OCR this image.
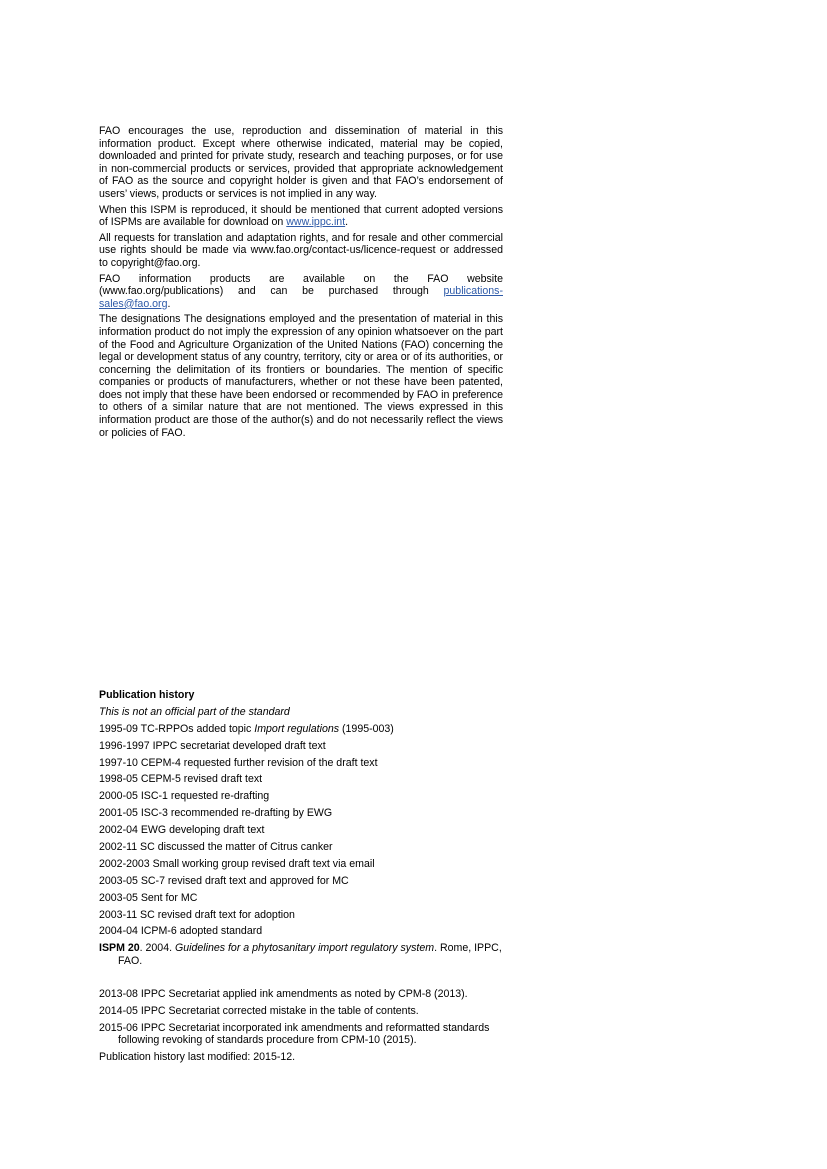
FAO encourages the use, reproduction and dissemination of material in this information product. Except where otherwise indicated, material may be copied, downloaded and printed for private study, research and teaching purposes, or for use in non-commercial products or services, provided that appropriate acknowledgement of FAO as the source and copyright holder is given and that FAO’s endorsement of users’ views, products or services is not implied in any way.

When this ISPM is reproduced, it should be mentioned that current adopted versions of ISPMs are available for download on www.ippc.int.

All requests for translation and adaptation rights, and for resale and other commercial use rights should be made via www.fao.org/contact-us/licence-request or addressed to copyright@fao.org.

FAO information products are available on the FAO website (www.fao.org/publications) and can be purchased through publications-sales@fao.org.

The designations The designations employed and the presentation of material in this information product do not imply the expression of any opinion whatsoever on the part of the Food and Agriculture Organization of the United Nations (FAO) concerning the legal or development status of any country, territory, city or area or of its authorities, or concerning the delimitation of its frontiers or boundaries. The mention of specific companies or products of manufacturers, whether or not these have been patented, does not imply that these have been endorsed or recommended by FAO in preference to others of a similar nature that are not mentioned. The views expressed in this information product are those of the author(s) and do not necessarily reflect the views or policies of FAO.

Publication history
This is not an official part of the standard
1995-09 TC-RPPOs added topic Import regulations (1995-003)
1996-1997 IPPC secretariat developed draft text
1997-10 CEPM-4 requested further revision of the draft text
1998-05 CEPM-5 revised draft text
2000-05 ISC-1 requested re-drafting
2001-05 ISC-3 recommended re-drafting by EWG
2002-04 EWG developing draft text
2002-11 SC discussed the matter of Citrus canker
2002-2003 Small working group revised draft text via email
2003-05 SC-7 revised draft text and approved for MC
2003-05 Sent for MC
2003-11 SC revised draft text for adoption
2004-04 ICPM-6 adopted standard
ISPM 20. 2004. Guidelines for a phytosanitary import regulatory system. Rome, IPPC, FAO.
2013-08 IPPC Secretariat applied ink amendments as noted by CPM-8 (2013).
2014-05 IPPC Secretariat corrected mistake in the table of contents.
2015-06 IPPC Secretariat incorporated ink amendments and reformatted standards following revoking of standards procedure from CPM-10 (2015).
Publication history last modified: 2015-12.
